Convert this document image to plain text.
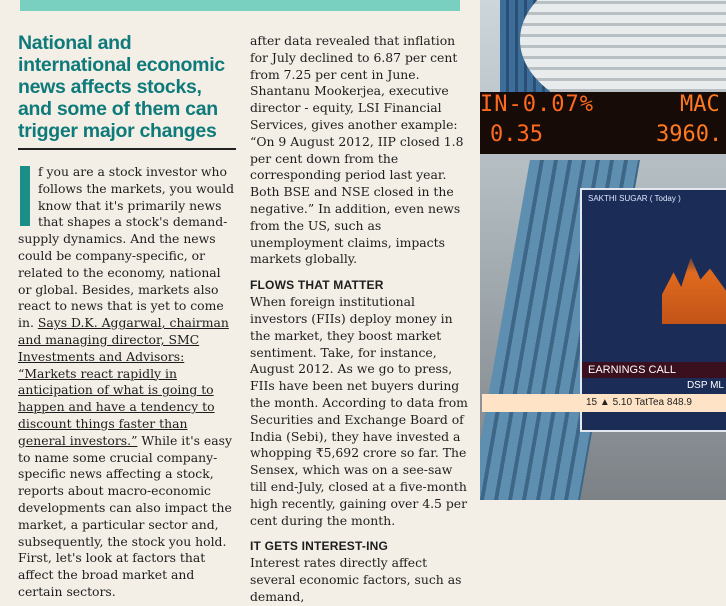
National and international economic news affects stocks, and some of them can trigger major changes

f you are a stock investor who follows the markets, you would know that it's primarily news that shapes a stock's demand-supply dynamics. And the news could be company-specific, or related to the economy, national or global. Besides, markets also react to news that is yet to come in. Says D.K. Aggarwal, chairman and managing director, SMC Investments and Advisors: “Markets react rapidly in anticipation of what is going to happen and have a tendency to discount things faster than general investors.” While it's easy to name some crucial company-specific news affecting a stock, reports about macro-economic developments can also impact the market, a particular sector and, subsequently, the stock you hold. First, let's look at factors that affect the broad market and certain sectors.

after data revealed that inflation for July declined to 6.87 per cent from 7.25 per cent in June. Shantanu Mookerjea, executive director - equity, LSI Financial Services, gives another example: “On 9 August 2012, IIP closed 1.8 per cent down from the corresponding period last year. Both BSE and NSE closed in the negative.” In addition, even news from the US, such as unemployment claims, impacts markets globally.

FLOWS THAT MATTER

When foreign institutional investors (FIIs) deploy money in the market, they boost market sentiment. Take, for instance, August 2012. As we go to press, FIIs have been net buyers during the month. According to data from Securities and Exchange Board of India (Sebi), they have invested a whopping ₹5,692 crore so far. The Sensex, which was on a see-saw till end-July, closed at a five-month high recently, gaining over 4.5 per cent during the month.

IT GETS INTEREST-ING

Interest rates directly affect several economic factors, such as demand,

IN-0.07%	MAC
0.35	3960.
SAKTHI SUGAR ( Today )
EARNINGS CALL
DSP ML
15 ▲ 5.10 TatTea 848.9
